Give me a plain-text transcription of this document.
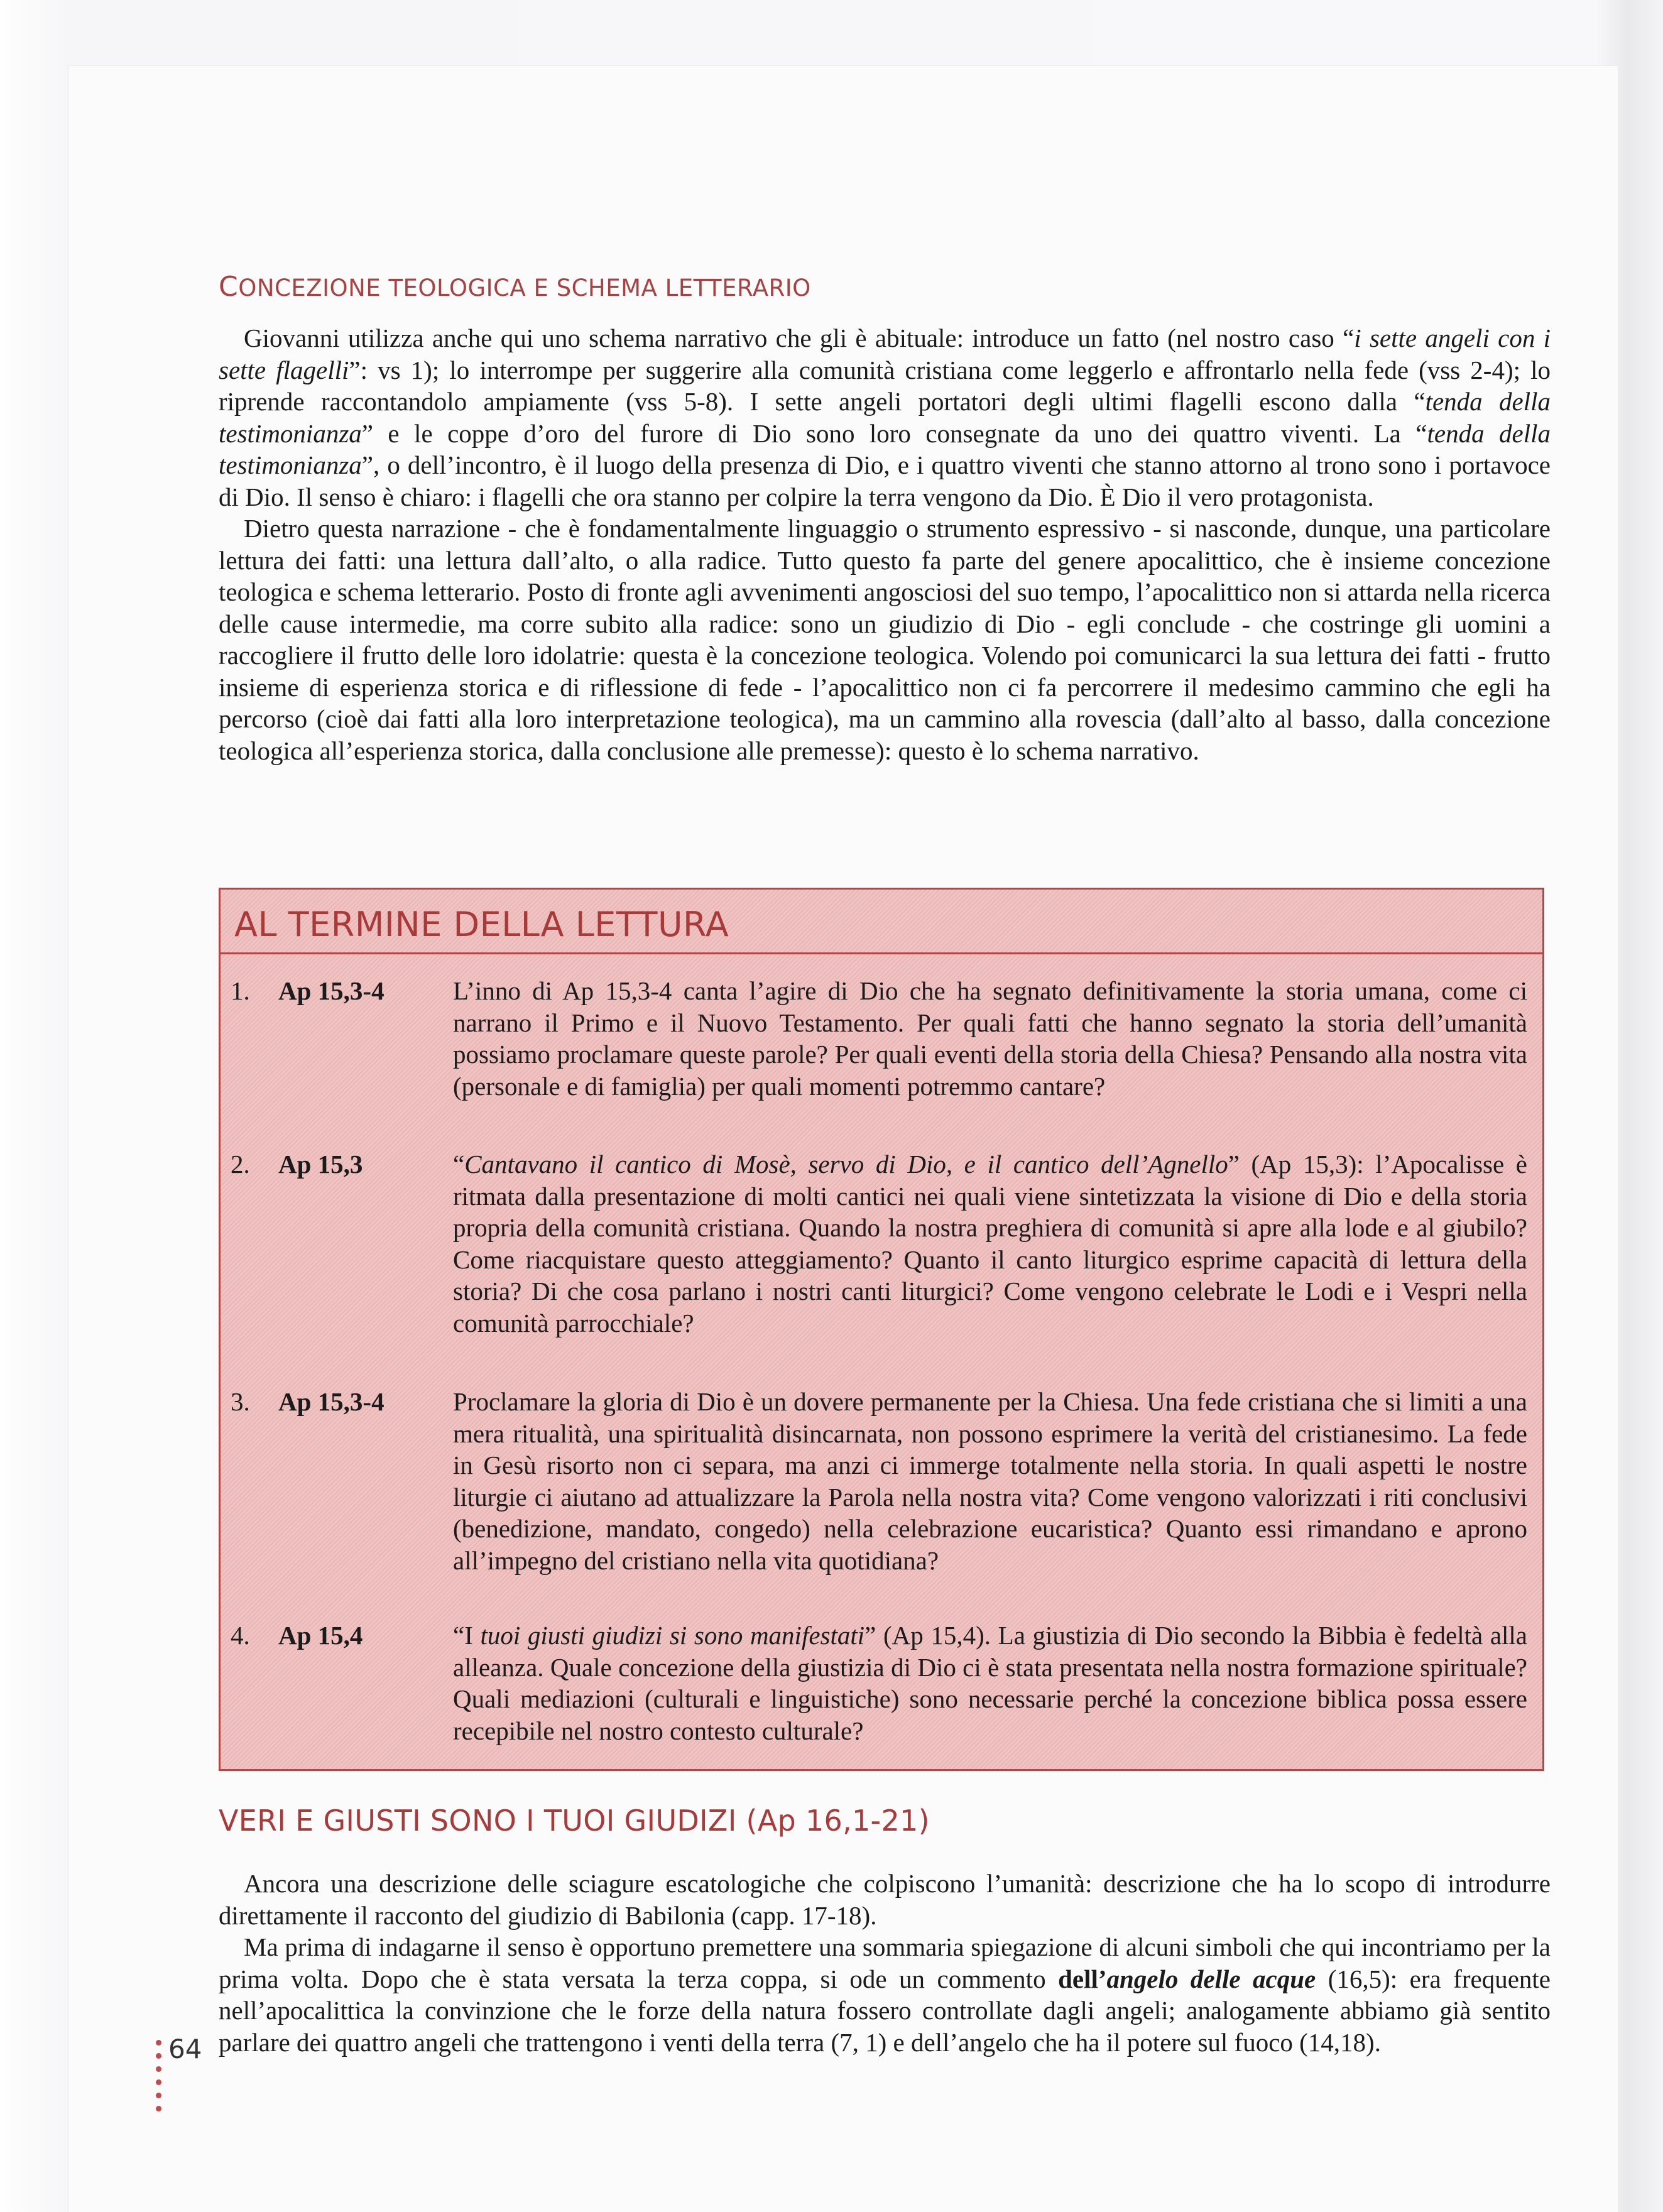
CONCEZIONE TEOLOGICA E SCHEMA LETTERARIO

Giovanni utilizza anche qui uno schema narrativo che gli è abituale: introduce un fatto (nel nostro caso “i sette angeli con i sette flagelli”: vs 1); lo interrompe per suggerire alla comunità cristiana come leggerlo e affrontarlo nella fede (vss 2-4); lo riprende raccontandolo ampiamente (vss 5-8). I sette angeli portatori degli ultimi flagelli escono dalla “tenda della testimonianza” e le coppe d’oro del furore di Dio sono loro consegnate da uno dei quattro viventi. La “tenda della testimonianza”, o dell’incontro, è il luogo della presenza di Dio, e i quattro viventi che stanno attorno al trono sono i portavoce di Dio. Il senso è chiaro: i flagelli che ora stanno per colpire la terra vengono da Dio. È Dio il vero protagonista.

Dietro questa narrazione - che è fondamentalmente linguaggio o strumento espressivo - si nasconde, dunque, una particolare lettura dei fatti: una lettura dall’alto, o alla radice. Tutto questo fa parte del genere apocalittico, che è insieme concezione teologica e schema letterario. Posto di fronte agli avvenimenti angosciosi del suo tempo, l’apocalittico non si attarda nella ricerca delle cause intermedie, ma corre subito alla radice: sono un giudizio di Dio - egli conclude - che costringe gli uomini a raccogliere il frutto delle loro idolatrie: questa è la concezione teologica. Volendo poi comunicarci la sua lettura dei fatti - frutto insieme di esperienza storica e di riflessione di fede - l’apocalittico non ci fa percorrere il medesimo cammino che egli ha percorso (cioè dai fatti alla loro interpretazione teologica), ma un cammino alla rovescia (dall’alto al basso, dalla concezione teologica all’esperienza storica, dalla conclusione alle premesse): questo è lo schema narrativo.

AL TERMINE DELLA LETTURA
1. Ap 15,3-4	L’inno di Ap 15,3-4 canta l’agire di Dio che ha segnato definitivamente la storia umana, come ci narrano il Primo e il Nuovo Testamento. Per quali fatti che hanno segnato la storia dell’umanità possiamo proclamare queste parole? Per quali eventi della storia della Chiesa? Pensando alla nostra vita (personale e di famiglia) per quali momenti potremmo cantare?

2. Ap 15,3	“Cantavano il cantico di Mosè, servo di Dio, e il cantico dell’Agnello” (Ap 15,3): l’Apocalisse è ritmata dalla presentazione di molti cantici nei quali viene sintetizzata la visione di Dio e della storia propria della comunità cristiana. Quando la nostra preghiera di comunità si apre alla lode e al giubilo? Come riacquistare questo atteggiamento? Quanto il canto liturgico esprime capacità di lettura della storia? Di che cosa parlano i nostri canti liturgici? Come vengono celebrate le Lodi e i Vespri nella comunità parrocchiale?

3. Ap 15,3-4	Proclamare la gloria di Dio è un dovere permanente per la Chiesa. Una fede cristiana che si limiti a una mera ritualità, una spiritualità disincarnata, non possono esprimere la verità del cristianesimo. La fede in Gesù risorto non ci separa, ma anzi ci immerge totalmente nella storia. In quali aspetti le nostre liturgie ci aiutano ad attualizzare la Parola nella nostra vita? Come vengono valorizzati i riti conclusivi (benedizione, mandato, congedo) nella celebrazione eucaristica? Quanto essi rimandano e aprono all’impegno del cristiano nella vita quotidiana?

4. Ap 15,4	“I tuoi giusti giudizi si sono manifestati” (Ap 15,4). La giustizia di Dio secondo la Bibbia è fedeltà alla alleanza. Quale concezione della giustizia di Dio ci è stata presentata nella nostra formazione spirituale? Quali mediazioni (culturali e linguistiche) sono necessarie perché la concezione biblica possa essere recepibile nel nostro contesto culturale?

VERI E GIUSTI SONO I TUOI GIUDIZI (Ap 16,1-21)

Ancora una descrizione delle sciagure escatologiche che colpiscono l’umanità: descrizione che ha lo scopo di introdurre direttamente il racconto del giudizio di Babilonia (capp. 17-18).

Ma prima di indagarne il senso è opportuno premettere una sommaria spiegazione di alcuni simboli che qui incontriamo per la prima volta. Dopo che è stata versata la terza coppa, si ode un commento dell’angelo delle acque (16,5): era frequente nell’apocalittica la convinzione che le forze della natura fossero controllate dagli angeli; analogamente abbiamo già sentito parlare dei quattro angeli che trattengono i venti della terra (7, 1) e dell’angelo che ha il potere sul fuoco (14,18).

64
